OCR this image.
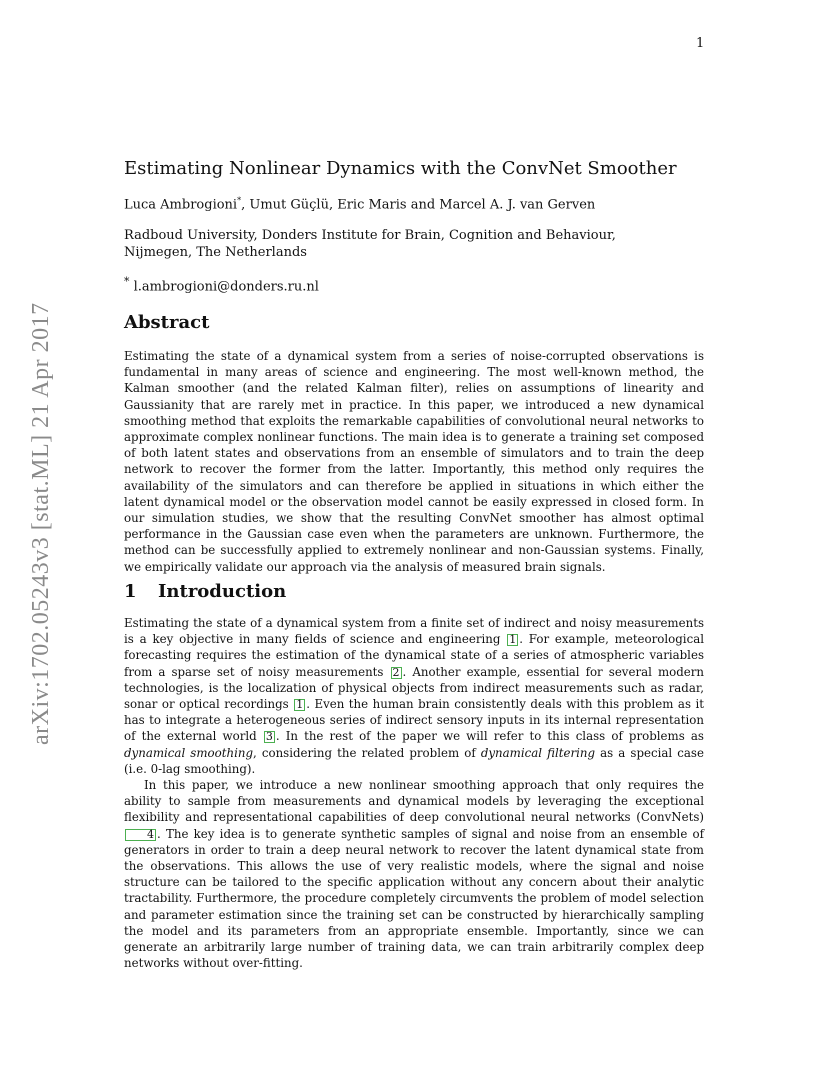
1
arXiv:1702.05243v3 [stat.ML] 21 Apr 2017
Estimating Nonlinear Dynamics with the ConvNet Smoother
Luca Ambrogioni*, Umut Güçlü, Eric Maris and Marcel A. J. van Gerven
Radboud University, Donders Institute for Brain, Cognition and Behaviour, Nijmegen, The Netherlands
* l.ambrogioni@donders.ru.nl
Abstract

Estimating the state of a dynamical system from a series of noise-corrupted observations is fundamental in many areas of science and engineering. The most well-known method, the Kalman smoother (and the related Kalman filter), relies on assumptions of linearity and Gaussianity that are rarely met in practice. In this paper, we introduced a new dynamical smoothing method that exploits the remarkable capabilities of convolutional neural networks to approximate complex nonlinear functions. The main idea is to generate a training set composed of both latent states and observations from an ensemble of simulators and to train the deep network to recover the former from the latter. Importantly, this method only requires the availability of the simulators and can therefore be applied in situations in which either the latent dynamical model or the observation model cannot be easily expressed in closed form. In our simulation studies, we show that the resulting ConvNet smoother has almost optimal performance in the Gaussian case even when the parameters are unknown. Furthermore, the method can be successfully applied to extremely nonlinear and non-Gaussian systems. Finally, we empirically validate our approach via the analysis of measured brain signals.

1 Introduction

Estimating the state of a dynamical system from a finite set of indirect and noisy measurements is a key objective in many fields of science and engineering 1 . For example, meteorological forecasting requires the estimation of the dynamical state of a series of atmospheric variables from a sparse set of noisy measurements 2 . Another example, essential for several modern technologies, is the localization of physical objects from indirect measurements such as radar, sonar or optical recordings 1 . Even the human brain consistently deals with this problem as it has to integrate a heterogeneous series of indirect sensory inputs in its internal representation of the external world 3 . In the rest of the paper we will refer to this class of problems as dynamical smoothing, considering the related problem of dynamical filtering as a special case (i.e. 0-lag smoothing).

In this paper, we introduce a new nonlinear smoothing approach that only requires the ability to sample from measurements and dynamical models by leveraging the exceptional flexibility and representational capabilities of deep convolutional neural networks (ConvNets) 4 . The key idea is to generate synthetic samples of signal and noise from an ensemble of generators in order to train a deep neural network to recover the latent dynamical state from the observations. This allows the use of very realistic models, where the signal and noise structure can be tailored to the specific application without any concern about their analytic tractability. Furthermore, the procedure completely circumvents the problem of model selection and parameter estimation since the training set can be constructed by hierarchically sampling the model and its parameters from an appropriate ensemble. Importantly, since we can generate an arbitrarily large number of training data, we can train arbitrarily complex deep networks without over-fitting.
